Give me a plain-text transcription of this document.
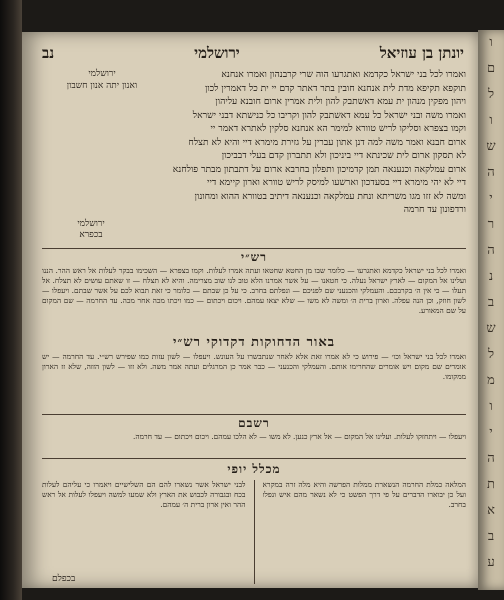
יונתן בן עוזיאל
ירושלמי
נב
ירושלמי
ואנון יתה אנון חשבון

ואמרו לכל בני ישראל כקדמא ואתגרעו הוה שרי קרבנהון ואמרו אנחנא

תוקפא תקיפא מדת לית אנחנא חובין בתר דאתר קדם יי ית כל דאמרין לכון

ויהון מפקין מנהון ית עמא דאשתבק להון ולית אמרין ארום חובנא עליהון

ואמרו משה ובני ישראל כל עמא דאשתבק להון וקריבו כל כנישתא דבני ישראל

וקמו בצפרא וסליקו לריש טוורא למימר הא אנחנא סלקין לאתרא דאמר יי

ארום חבנא ואמר משה למה דנן אתון עברין על גזירת מימרא דיי והיא לא תצלח

לא תסקון ארום לית שכינתא דיי ביניכון ולא תתברון קדם בעלי דבביכון

ארום עמלקאה וכנענאה תמן קדמיכון ותפלון בחרבא ארום על דתבתון מבתר פולחנא

דיי לא יהי מימרא דיי בסעדכון וארשעו למיסק לריש טוורא וארון קיימא דיי

ומשה לא זזו מגו משריתא ונחת עמלקאה וכנענאה דיתיב בטוורא ההוא ומחונון

ורדפונון עד חרמה

ירושלמי
בכפרא
רש״י

ואמרו לכל בני ישראל כקדמא ואתגרעו — כלומר שבו מן החטא שחטאו ועתה אמרו לעלות. וקמו בצפרא — השכימו בבקר לעלות אל ראש ההר. הננו ועלינו אל המקום — לארץ ישראל נעלה. כי חטאנו — על אשר אמרנו הלא טוב לנו שוב מצרימה. והיא לא תצלח — זו שאתם עושים לא תצלח. אל תעלו — כי אין ה׳ בקרבכם. והעמלקי והכנעני שם לפניכם — ונפלתם בחרב. כי על כן שבתם — כלומר כי זאת תבוא לכם על אשר שבתם. ויעפלו — לשון חוזק, וכן הנה עפלה. וארון ברית ה׳ ומשה לא משו — שלא יצאו עמהם. ויכום ויכתום — כמו ויכתו מכה אחר מכה. עד החרמה — שם המקום על שם המאורע.

באור הדחוקות דקדוקי רש״י

ואמרו לכל בני ישראל וכו׳ — פירוש כי לא אמרו זאת אלא לאחר שנתבשרו על העונש. ויעפלו — לשון עזות כמו שפירש רש״י. עד החרמה — יש אומרים שם מקום ויש אומרים שהחרימו אותם. והעמלקי והכנעני — כבר אמר כן המרגלים ועתה אמר משה. ולא זזו — לשון הזזה, שלא זז הארון ממקומו.

רשבם

ויעפלו — ויתחזקו לעלות. ועלינו אל המקום — אל ארץ כנען. לא משו — לא הלכו עמהם. ויכום ויכתום — עד חרמה.

מכלל יופי

המלאה כמלת החרמה הנשארת ממלות הפרשה והיא מלה זרה במקרא ועל כן יבוארו הדברים על פי דרך הפשט כי לא נשאר מהם איש ונפלו בחרב.

לבני ישראל אשר נשארו להם הם השלישיים ויאמרו כי עליהם לעלות בכח ובגבורה לכבוש את הארץ ולא שמעו למשה ויעפלו לעלות אל ראש ההר ואין ארון ברית ה׳ עמהם.

בכפלם
ו
ם
ל
ו
ש
ה
י
ר
ה
נ
ב
ש
ל
מ
ו
י
ה
ת
א
ב
ע
